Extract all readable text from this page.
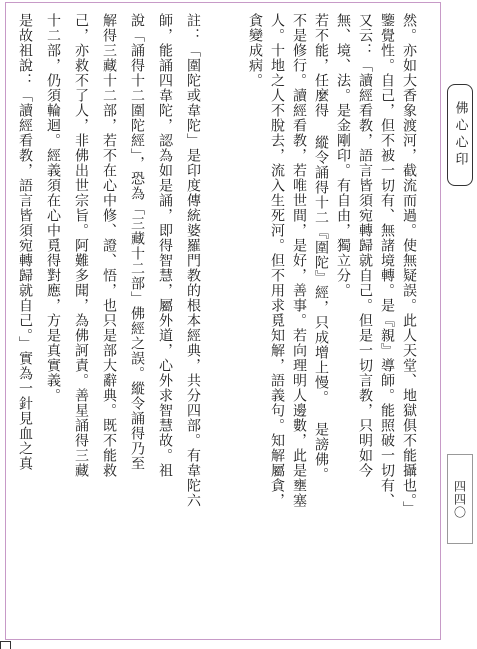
然。亦如大香象渡河，截流而過。使無疑誤。此人天堂、地獄俱不能攝也。」
鑒覺性。自己，但不被一切有、無諸境轉。是『親』導師。能照破一切有、
又云：「讀經看教，語言皆須宛轉歸就自己。但是一切言教，只明如今
無、境、法。是金剛印。有自由，獨立分。
若不能，任麼得 縱令誦得十二『圍陀』經，只成增上慢。 是謗佛。
不是修行。讀經看教，若唯世間，是好，善事。若向理明人邊數，此是壅塞
人。十地之人不脫去，流入生死河。但不用求覓知解，語義句。知解屬貪，
貪變成病。
註：「圍陀或韋陀」是印度傳統婆羅門教的根本經典，共分四部。有韋陀六
師，能誦四韋陀，認為如是誦，即得智慧，屬外道，心外求智慧故。祖
說「誦得十二圍陀經」，恐為「三藏十二部」佛經之誤。縱令誦得乃至
解得三藏十二部，若不在心中修、證、悟，也只是部大辭典。既不能救
己，亦救不了人，非佛出世宗旨。阿難多聞，為佛訶責。善星誦得三藏
十二部，仍須輪迴。經義須在心中覓得對應，方是真實義。
是故祖說：「讀經看教，語言皆須宛轉歸就自己。」實為一針見血之真	佛心心印
四四〇
